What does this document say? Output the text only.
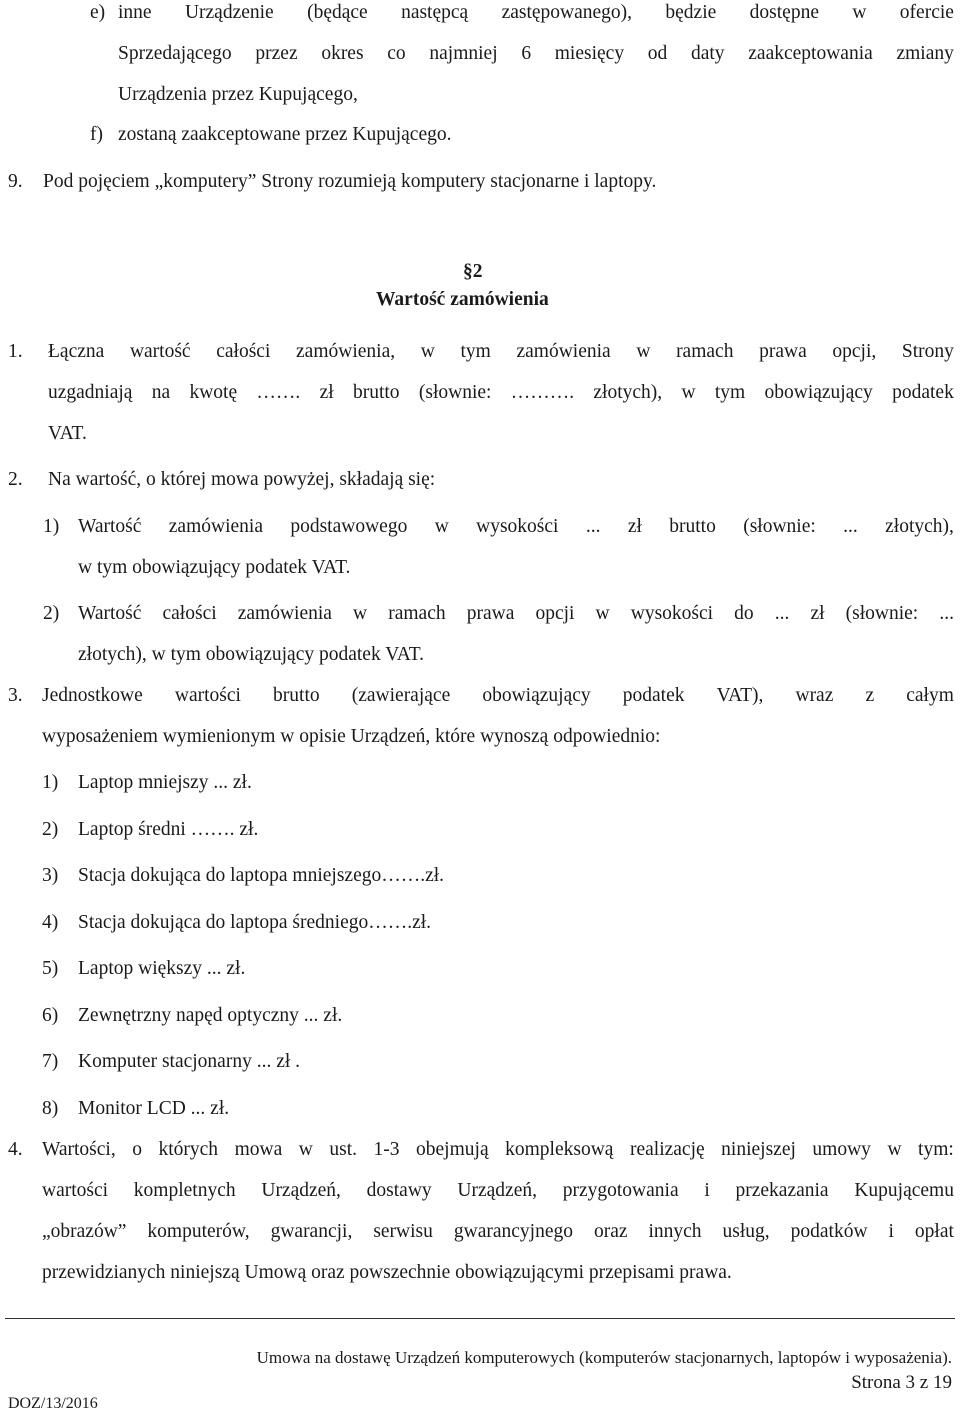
e) inne Urządzenie (będące następcą zastępowanego), będzie dostępne w ofercie
Sprzedającego przez okres co najmniej 6 miesięcy od daty zaakceptowania zmiany
Urządzenia przez Kupującego,
f) zostaną zaakceptowane przez Kupującego.
9. Pod pojęciem „komputery” Strony rozumieją komputery stacjonarne i laptopy.
§2
Wartość zamówienia
1. Łączna wartość całości zamówienia, w tym zamówienia w ramach prawa opcji, Strony
uzgadniają na kwotę ……. zł brutto (słownie: ………. złotych), w tym obowiązujący podatek
VAT.
2. Na wartość, o której mowa powyżej, składają się:
1) Wartość zamówienia podstawowego w wysokości ... zł brutto (słownie: ... złotych),
w tym obowiązujący podatek VAT.
2) Wartość całości zamówienia w ramach prawa opcji w wysokości do ... zł (słownie: ...
złotych), w tym obowiązujący podatek VAT.
3. Jednostkowe wartości brutto (zawierające obowiązujący podatek VAT), wraz z całym
wyposażeniem wymienionym w opisie Urządzeń, które wynoszą odpowiednio:
1) Laptop mniejszy ... zł.
2) Laptop średni ……. zł.
3) Stacja dokująca do laptopa mniejszego…….zł.
4) Stacja dokująca do laptopa średniego…….zł.
5) Laptop większy ... zł.
6) Zewnętrzny napęd optyczny ... zł.
7) Komputer stacjonarny ... zł .
8) Monitor LCD ... zł.
4. Wartości, o których mowa w ust. 1-3 obejmują kompleksową realizację niniejszej umowy w tym:
wartości kompletnych Urządzeń, dostawy Urządzeń, przygotowania i przekazania Kupującemu
„obrazów” komputerów, gwarancji, serwisu gwarancyjnego oraz innych usług, podatków i opłat
przewidzianych niniejszą Umową oraz powszechnie obowiązującymi przepisami prawa.
Umowa na dostawę Urządzeń komputerowych (komputerów stacjonarnych, laptopów i wyposażenia).
Strona 3 z 19
DOZ/13/2016
